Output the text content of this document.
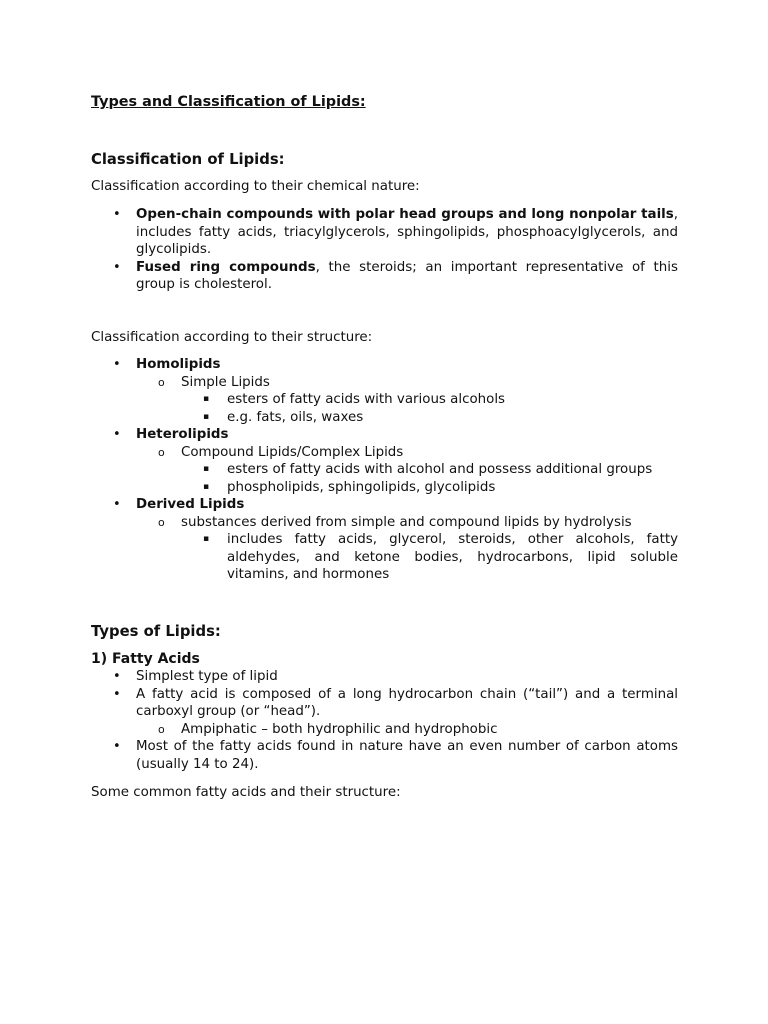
Types and Classification of Lipids:
Classification of Lipids:

Classification according to their chemical nature:

• Open-chain compounds with polar head groups and long nonpolar tails, includes fatty acids, triacylglycerols, sphingolipids, phosphoacylglycerols, and glycolipids.
• Fused ring compounds, the steroids; an important representative of this group is cholesterol.

Classification according to their structure:

• Homolipids
o Simple Lipids
▪ esters of fatty acids with various alcohols
▪ e.g. fats, oils, waxes
• Heterolipids
o Compound Lipids/Complex Lipids
▪ esters of fatty acids with alcohol and possess additional groups
▪ phospholipids, sphingolipids, glycolipids
• Derived Lipids
o substances derived from simple and compound lipids by hydrolysis
▪ includes fatty acids, glycerol, steroids, other alcohols, fatty aldehydes, and ketone bodies, hydrocarbons, lipid soluble vitamins, and hormones
Types of Lipids:
1) Fatty Acids
• Simplest type of lipid
• A fatty acid is composed of a long hydrocarbon chain (“tail”) and a terminal carboxyl group (or “head”).
o Ampiphatic – both hydrophilic and hydrophobic
• Most of the fatty acids found in nature have an even number of carbon atoms (usually 14 to 24).

Some common fatty acids and their structure:
